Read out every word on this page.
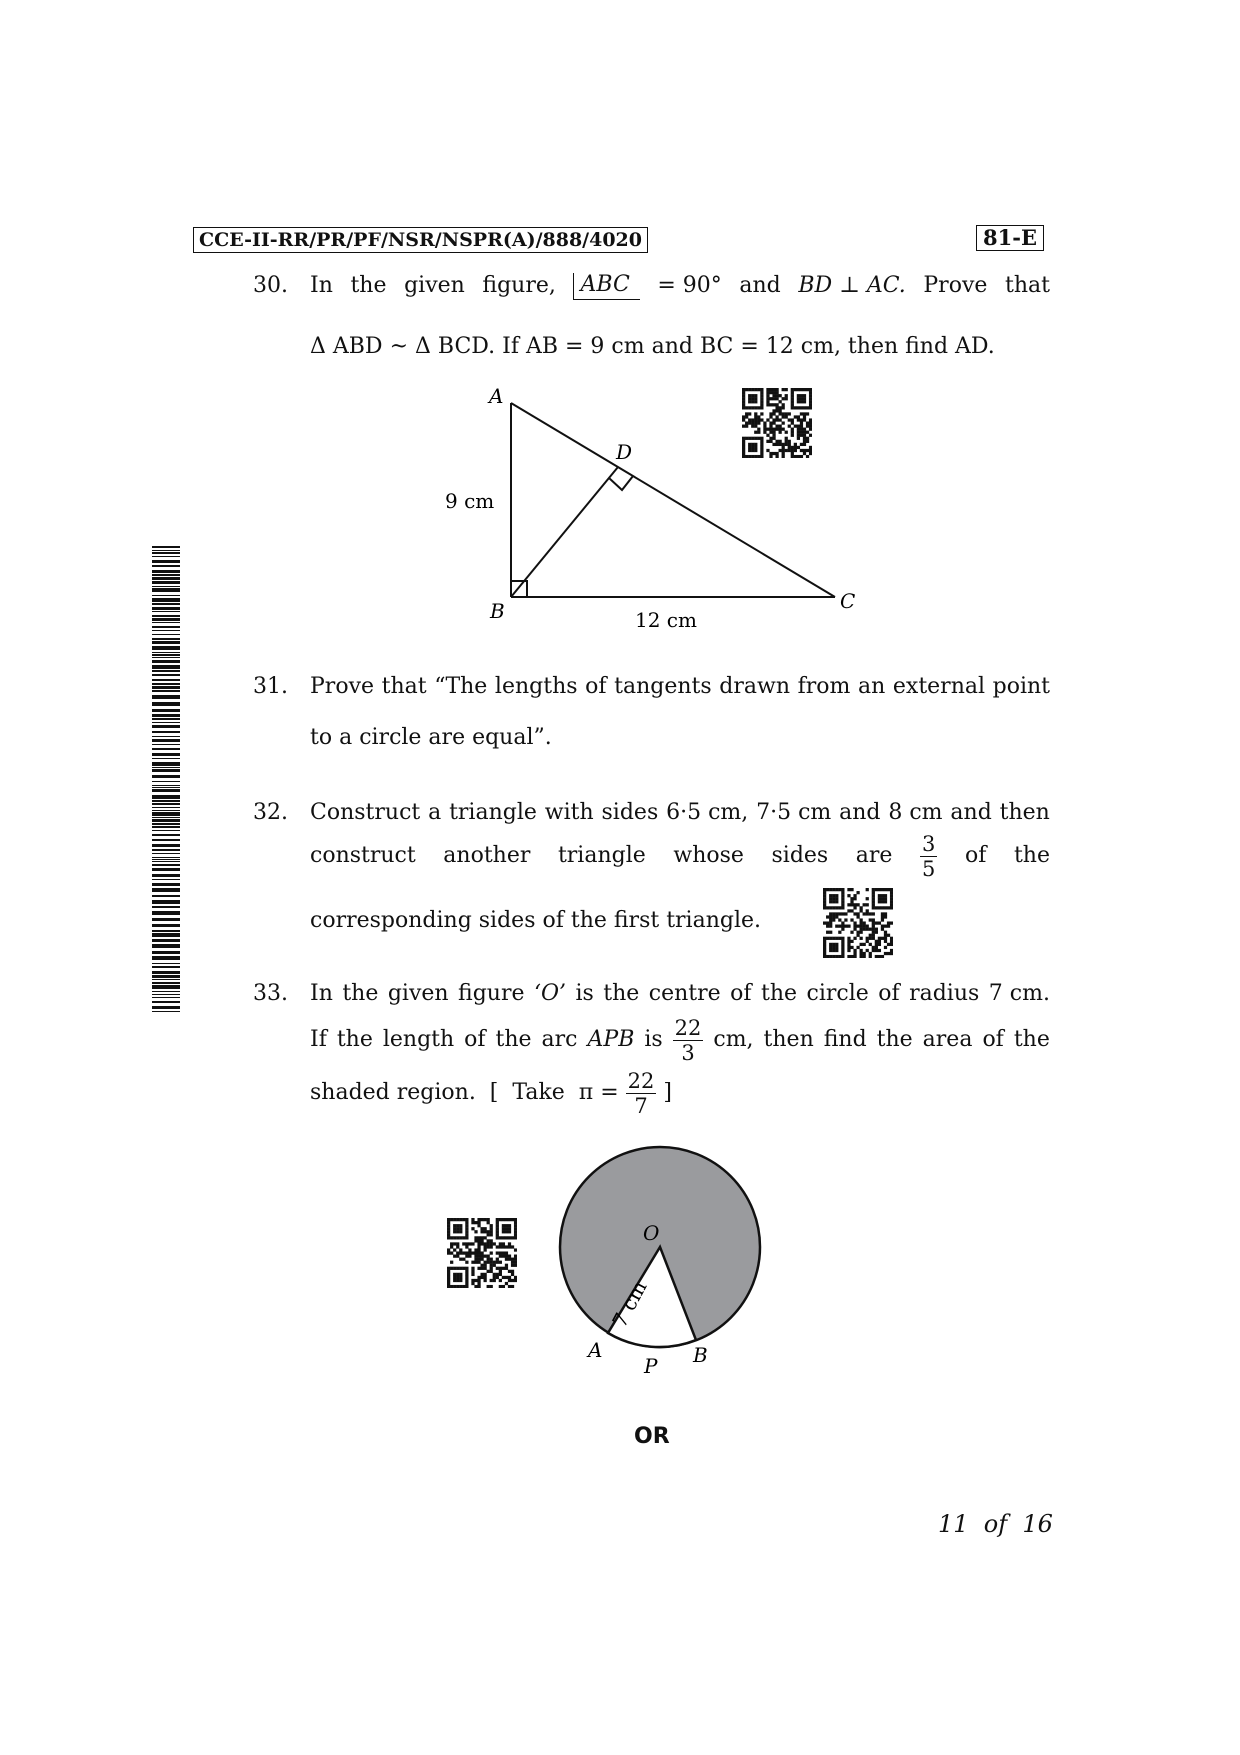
CCE-II-RR/PR/PF/NSR/NSPR(A)/888/4020	81-E
30. In the given figure,	ABC	= 90° and BD ⊥ AC. Prove that
Δ ABD ~ Δ BCD. If AB = 9 cm and BC = 12 cm, then find AD.
A
B	C
D
9 cm
12 cm
31. Prove that “The lengths of tangents drawn from an external point
to a circle are equal”.
32. Construct a triangle with sides 6·5 cm, 7·5 cm and 8 cm and then
construct another triangle whose sides are $\frac{3}{5}$ of the
corresponding sides of the first triangle.
33. In the given figure ‘O’ is the centre of the circle of radius 7 cm.
If the length of the arc APB is $\frac{22}{3}$ cm, then find the area of the
shaded region.  [  Take  $\pi = \frac{22}{7}$ ]
O
A	B
P
7 cm
OR
11  of  16
